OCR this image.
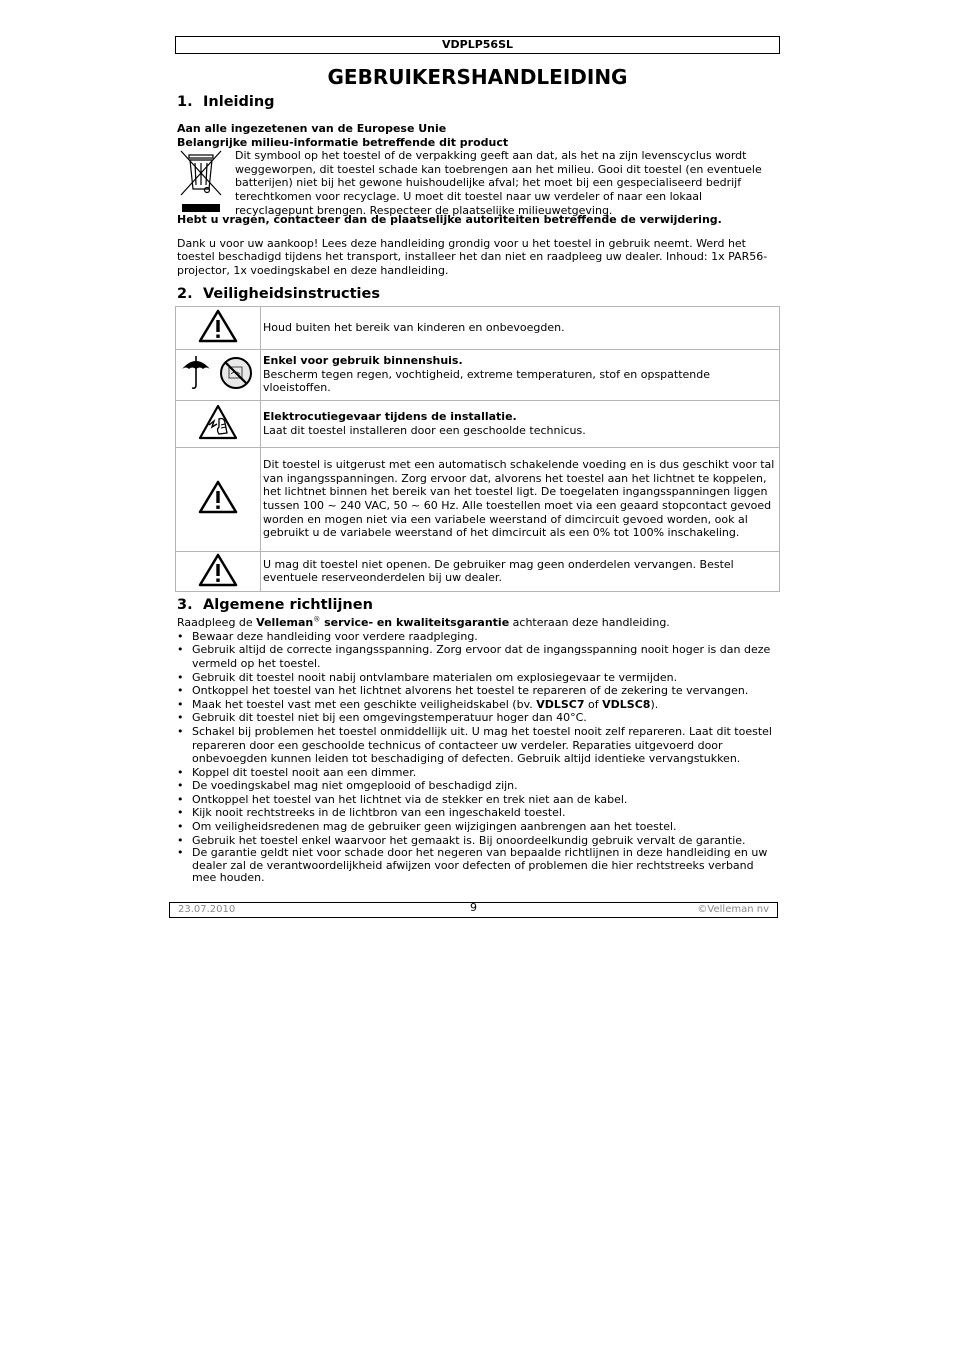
VDPLP56SL
GEBRUIKERSHANDLEIDING
1. Inleiding
Aan alle ingezetenen van de Europese Unie
Belangrijke milieu-informatie betreffende dit product
Dit symbool op het toestel of de verpakking geeft aan dat, als het na zijn levenscyclus wordt weggeworpen, dit toestel schade kan toebrengen aan het milieu. Gooi dit toestel (en eventuele batterijen) niet bij het gewone huishoudelijke afval; het moet bij een gespecialiseerd bedrijf terechtkomen voor recyclage. U moet dit toestel naar uw verdeler of naar een lokaal recyclagepunt brengen. Respecteer de plaatselijke milieuwetgeving.
Hebt u vragen, contacteer dan de plaatselijke autoriteiten betreffende de verwijdering.
Dank u voor uw aankoop! Lees deze handleiding grondig voor u het toestel in gebruik neemt. Werd het toestel beschadigd tijdens het transport, installeer het dan niet en raadpleeg uw dealer. Inhoud: 1x PAR56-projector, 1x voedingskabel en deze handleiding.
2. Veiligheidsinstructies

Houd buiten het bereik van kinderen en onbevoegden.

Enkel voor gebruik binnenshuis.
Bescherm tegen regen, vochtigheid, extreme temperaturen, stof en opspattende vloeistoffen.

Elektrocutiegevaar tijdens de installatie.
Laat dit toestel installeren door een geschoolde technicus.

Dit toestel is uitgerust met een automatisch schakelende voeding en is dus geschikt voor tal van ingangsspanningen. Zorg ervoor dat, alvorens het toestel aan het lichtnet te koppelen, het lichtnet binnen het bereik van het toestel ligt. De toegelaten ingangsspanningen liggen tussen 100 ~ 240 VAC, 50 ~ 60 Hz. Alle toestellen moet via een geaard stopcontact gevoed worden en mogen niet via een variabele weerstand of dimcircuit gevoed worden, ook al gebruikt u de variabele weerstand of het dimcircuit als een 0% tot 100% inschakeling.

U mag dit toestel niet openen. De gebruiker mag geen onderdelen vervangen. Bestel eventuele reserveonderdelen bij uw dealer.
3. Algemene richtlijnen
Raadpleeg de Velleman® service- en kwaliteitsgarantie achteraan deze handleiding.
• Bewaar deze handleiding voor verdere raadpleging.
• Gebruik altijd de correcte ingangsspanning. Zorg ervoor dat de ingangsspanning nooit hoger is dan deze vermeld op het toestel.
• Gebruik dit toestel nooit nabij ontvlambare materialen om explosiegevaar te vermijden.
• Ontkoppel het toestel van het lichtnet alvorens het toestel te repareren of de zekering te vervangen.
• Maak het toestel vast met een geschikte veiligheidskabel (bv. VDLSC7 of VDLSC8).
• Gebruik dit toestel niet bij een omgevingstemperatuur hoger dan 40°C.
• Schakel bij problemen het toestel onmiddellijk uit. U mag het toestel nooit zelf repareren. Laat dit toestel repareren door een geschoolde technicus of contacteer uw verdeler. Reparaties uitgevoerd door onbevoegden kunnen leiden tot beschadiging of defecten. Gebruik altijd identieke vervangstukken.
• Koppel dit toestel nooit aan een dimmer.
• De voedingskabel mag niet omgeplooid of beschadigd zijn.
• Ontkoppel het toestel van het lichtnet via de stekker en trek niet aan de kabel.
• Kijk nooit rechtstreeks in de lichtbron van een ingeschakeld toestel.
• Om veiligheidsredenen mag de gebruiker geen wijzigingen aanbrengen aan het toestel.
• Gebruik het toestel enkel waarvoor het gemaakt is. Bij onoordeelkundig gebruik vervalt de garantie.
• De garantie geldt niet voor schade door het negeren van bepaalde richtlijnen in deze handleiding en uw dealer zal de verantwoordelijkheid afwijzen voor defecten of problemen die hier rechtstreeks verband mee houden.
23.07.2010	9	©Velleman nv
